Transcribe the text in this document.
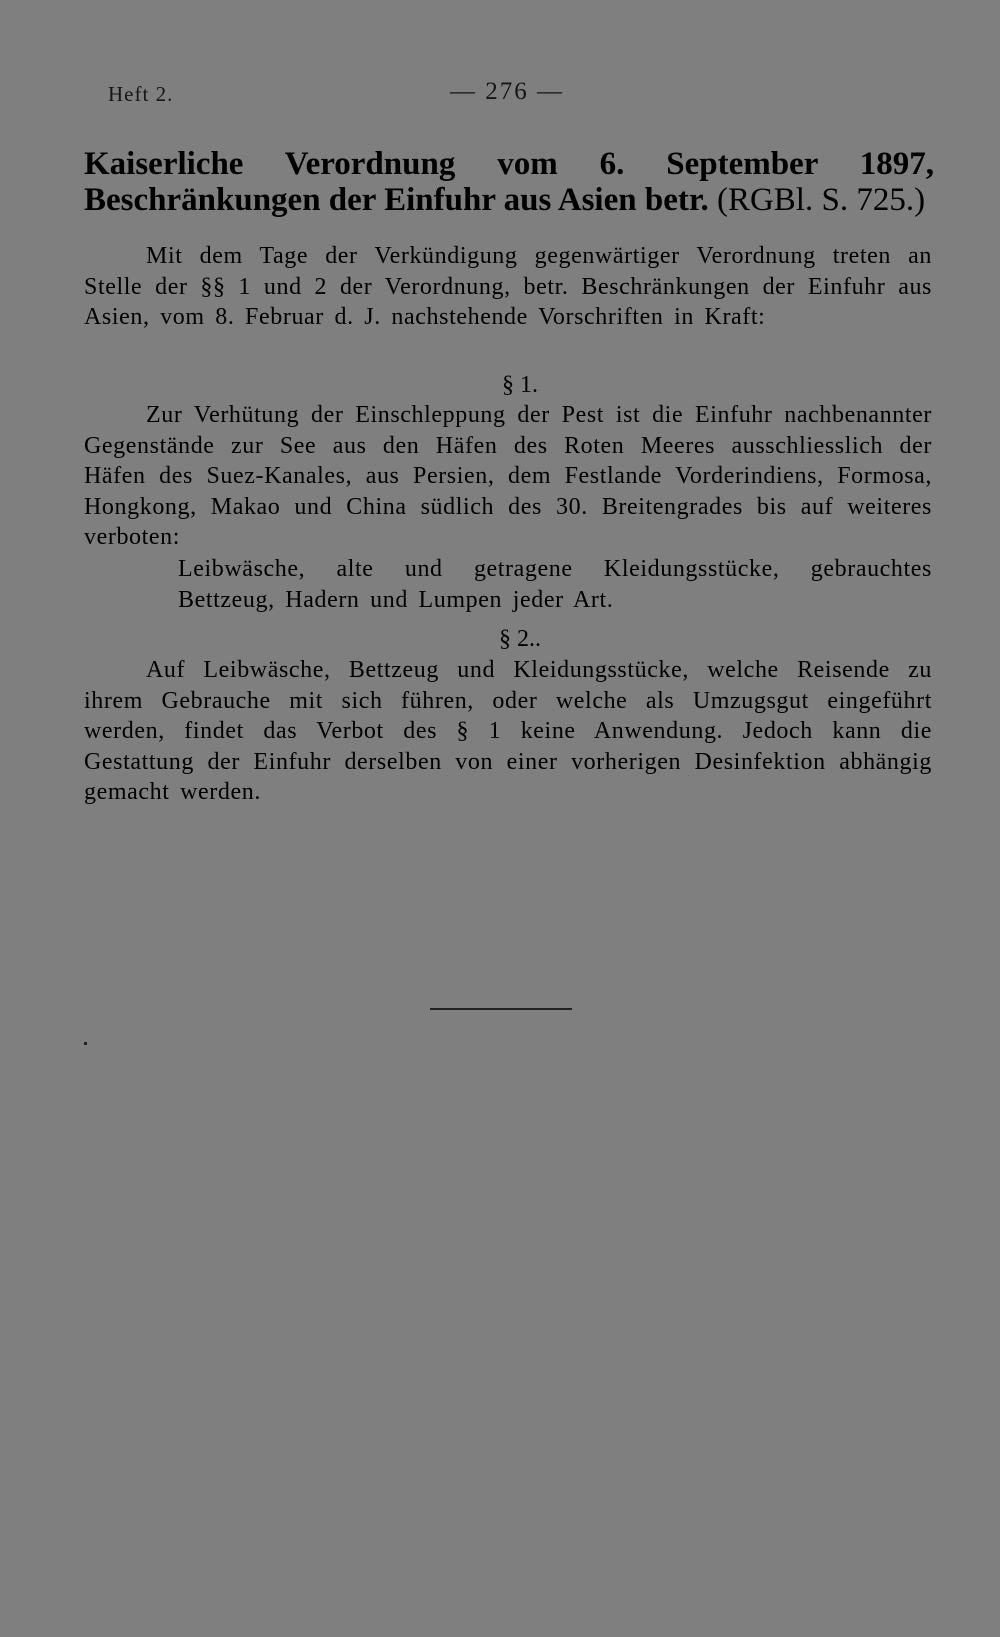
Heft 2.	— 276 —
Kaiserliche Verordnung vom 6. September 1897, Beschränkungen der Einfuhr aus Asien betr. (RGBl. S. 725.)

Mit dem Tage der Verkündigung gegenwärtiger Verordnung treten an Stelle der §§ 1 und 2 der Verordnung, betr. Beschränkungen der Einfuhr aus Asien, vom 8. Februar d. J. nachstehende Vorschriften in Kraft:

§ 1.

Zur Verhütung der Einschleppung der Pest ist die Einfuhr nachbenannter Gegenstände zur See aus den Häfen des Roten Meeres ausschliesslich der Häfen des Suez-Kanales, aus Persien, dem Festlande Vorderindiens, Formosa, Hongkong, Makao und China südlich des 30. Breitengrades bis auf weiteres verboten:

Leibwäsche, alte und getragene Kleidungsstücke, gebrauchtes Bettzeug, Hadern und Lumpen jeder Art.

§ 2..

Auf Leibwäsche, Bettzeug und Kleidungsstücke, welche Reisende zu ihrem Gebrauche mit sich führen, oder welche als Umzugsgut eingeführt werden, findet das Verbot des § 1 keine Anwendung. Jedoch kann die Gestattung der Einfuhr derselben von einer vorherigen Desinfektion abhängig gemacht werden.
